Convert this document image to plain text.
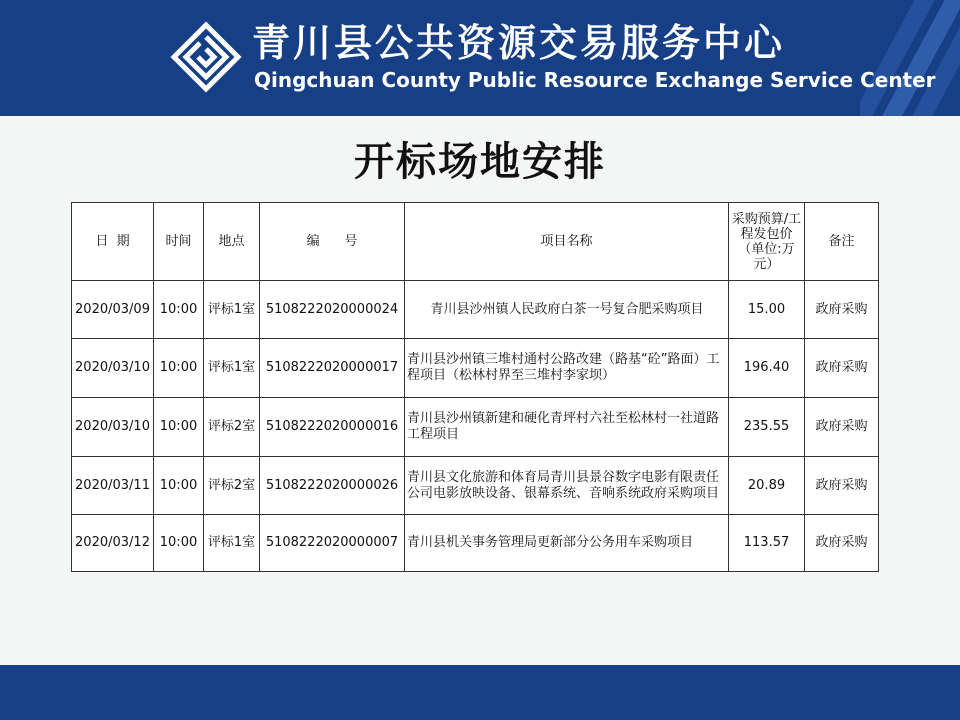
青川县公共资源交易服务中心
Qingchuan County Public Resource Exchange Service Center
开标场地安排
日  期	时间	地点	编      号	项目名称	采购预算/工程发包价（单位:万元）	备注
2020/03/09	10:00	评标1室	5108222020000024	青川县沙州镇人民政府白茶一号复合肥采购项目	15.00	政府采购
2020/03/10	10:00	评标1室	5108222020000017	青川县沙州镇三堆村通村公路改建（路基“砼”路面）工程项目（松林村界至三堆村李家坝）	196.40	政府采购
2020/03/10	10:00	评标2室	5108222020000016	青川县沙州镇新建和硬化青坪村六社至松林村一社道路工程项目	235.55	政府采购
2020/03/11	10:00	评标2室	5108222020000026	青川县文化旅游和体育局青川县景谷数字电影有限责任公司电影放映设备、银幕系统、音响系统政府采购项目	20.89	政府采购
2020/03/12	10:00	评标1室	5108222020000007	青川县机关事务管理局更新部分公务用车采购项目	113.57	政府采购
